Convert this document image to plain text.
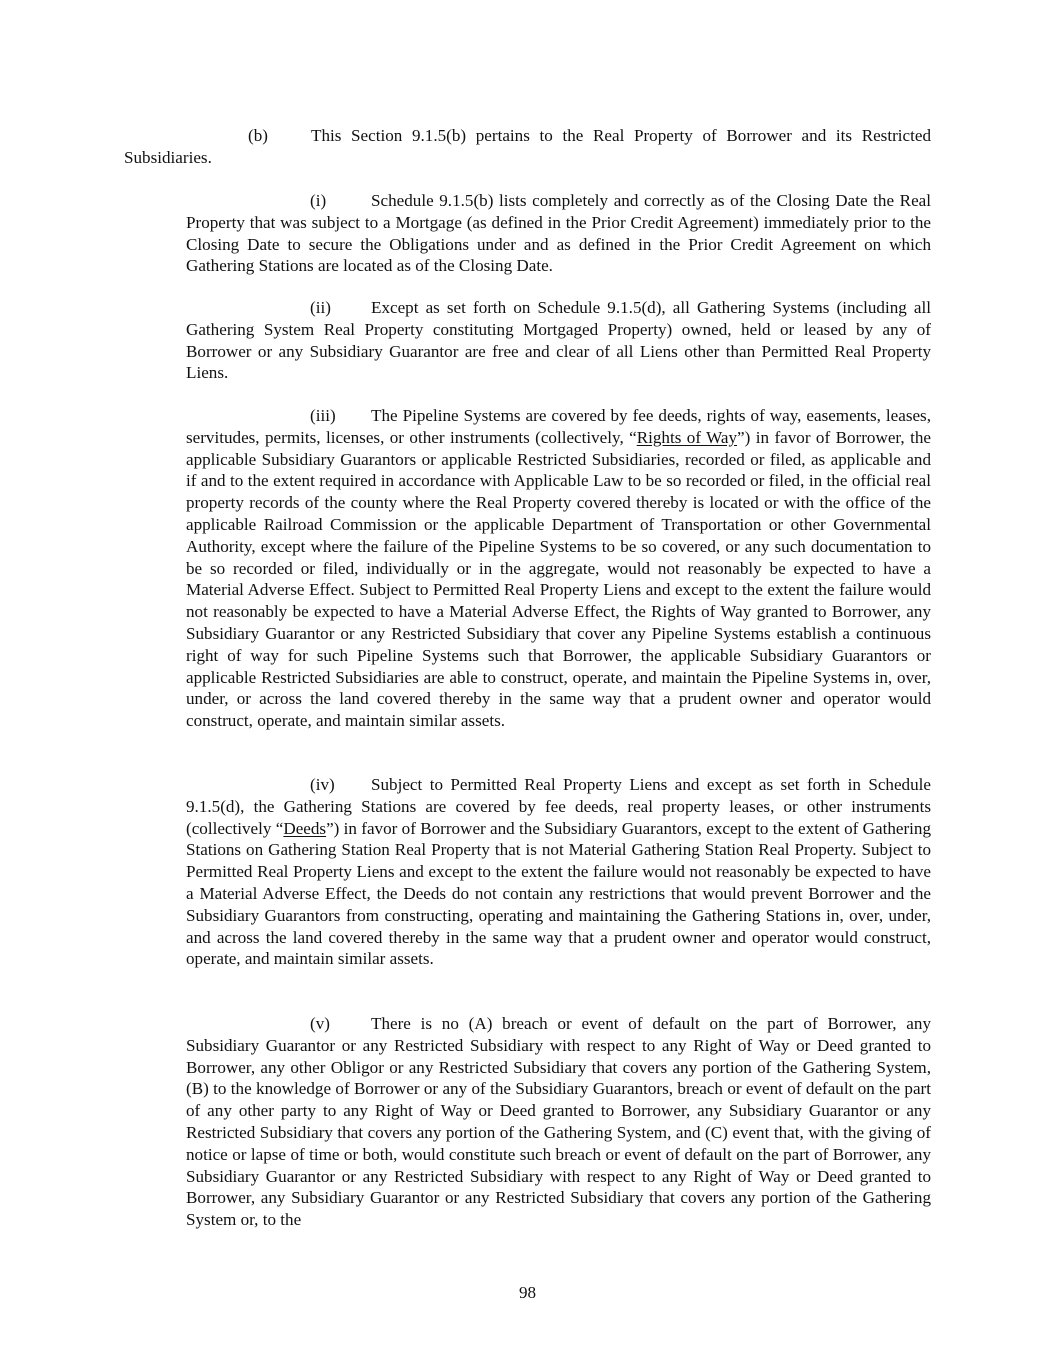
(b)	This Section 9.1.5(b) pertains to the Real Property of Borrower and its Restricted
Subsidiaries.

(i)	Schedule 9.1.5(b) lists completely and correctly as of the Closing Date the Real Property that was subject to a Mortgage (as defined in the Prior Credit Agreement) immediately prior to the Closing Date to secure the Obligations under and as defined in the Prior Credit Agreement on which Gathering Stations are located as of the Closing Date.

(ii) Except as set forth on Schedule 9.1.5(d), all Gathering Systems (including all Gathering System Real Property constituting Mortgaged Property) owned, held or leased by any of Borrower or any Subsidiary Guarantor are free and clear of all Liens other than Permitted Real Property Liens.

(iii) The Pipeline Systems are covered by fee deeds, rights of way, easements, leases, servitudes, permits, licenses, or other instruments (collectively, “Rights of Way”) in favor of Borrower, the applicable Subsidiary Guarantors or applicable Restricted Subsidiaries, recorded or filed, as applicable and if and to the extent required in accordance with Applicable Law to be so recorded or filed, in the official real property records of the county where the Real Property covered thereby is located or with the office of the applicable Railroad Commission or the applicable Department of Transportation or other Governmental Authority, except where the failure of the Pipeline Systems to be so covered, or any such documentation to be so recorded or filed, individually or in the aggregate, would not reasonably be expected to have a Material Adverse Effect. Subject to Permitted Real Property Liens and except to the extent the failure would not reasonably be expected to have a Material Adverse Effect, the Rights of Way granted to Borrower, any Subsidiary Guarantor or any Restricted Subsidiary that cover any Pipeline Systems establish a continuous right of way for such Pipeline Systems such that Borrower, the applicable Subsidiary Guarantors or applicable Restricted Subsidiaries are able to construct, operate, and maintain the Pipeline Systems in, over, under, or across the land covered thereby in the same way that a prudent owner and operator would construct, operate, and maintain similar assets.

(iv) Subject to Permitted Real Property Liens and except as set forth in Schedule 9.1.5(d), the Gathering Stations are covered by fee deeds, real property leases, or other instruments (collectively “Deeds”) in favor of Borrower and the Subsidiary Guarantors, except to the extent of Gathering Stations on Gathering Station Real Property that is not Material Gathering Station Real Property. Subject to Permitted Real Property Liens and except to the extent the failure would not reasonably be expected to have a Material Adverse Effect, the Deeds do not contain any restrictions that would prevent Borrower and the Subsidiary Guarantors from constructing, operating and maintaining the Gathering Stations in, over, under, and across the land covered thereby in the same way that a prudent owner and operator would construct, operate, and maintain similar assets.

(v) There is no (A) breach or event of default on the part of Borrower, any Subsidiary Guarantor or any Restricted Subsidiary with respect to any Right of Way or Deed granted to Borrower, any other Obligor or any Restricted Subsidiary that covers any portion of the Gathering System, (B) to the knowledge of Borrower or any of the Subsidiary Guarantors, breach or event of default on the part of any other party to any Right of Way or Deed granted to Borrower, any Subsidiary Guarantor or any Restricted Subsidiary that covers any portion of the Gathering System, and (C) event that, with the giving of notice or lapse of time or both, would constitute such breach or event of default on the part of Borrower, any Subsidiary Guarantor or any Restricted Subsidiary with respect to any Right of Way or Deed granted to Borrower, any Subsidiary Guarantor or any Restricted Subsidiary that covers any portion of the Gathering System or, to the

98
